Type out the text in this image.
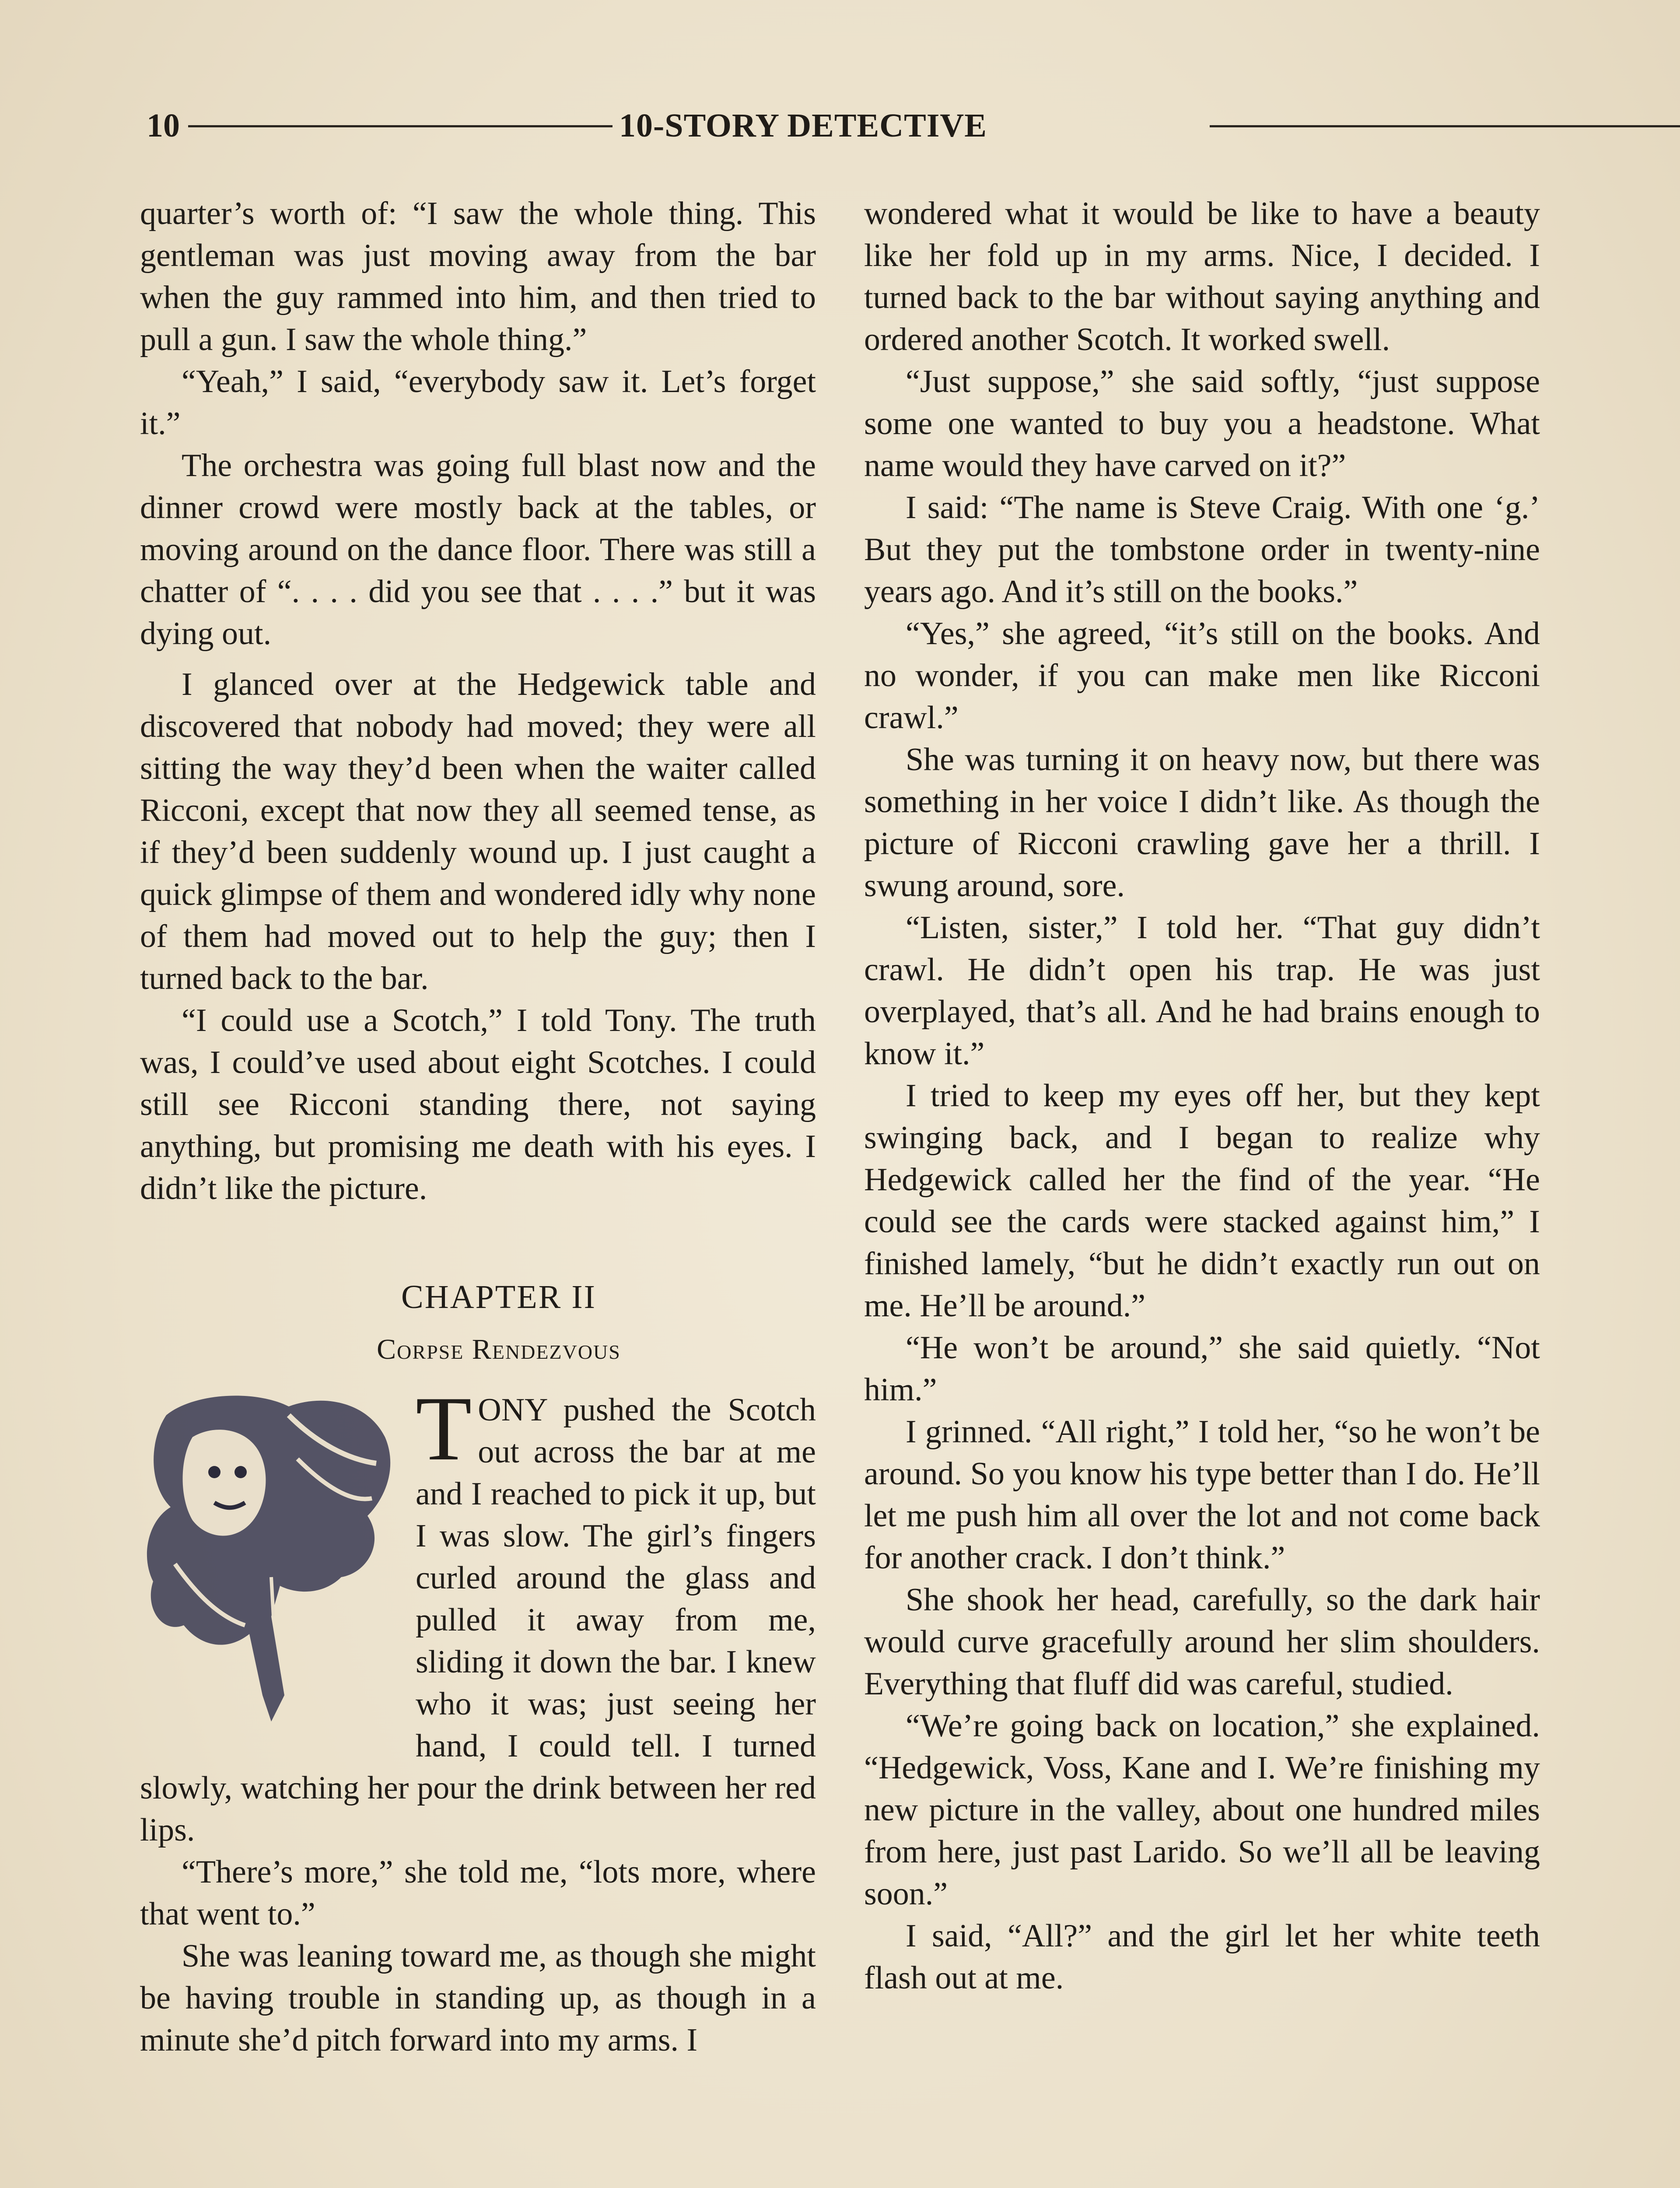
10	10-STORY DETECTIVE

quarter’s worth of: “I saw the whole thing. This gentleman was just moving away from the bar when the guy rammed into him, and then tried to pull a gun. I saw the whole thing.”

“Yeah,” I said, “everybody saw it. Let’s forget it.”

The orchestra was going full blast now and the dinner crowd were mostly back at the tables, or moving around on the dance floor. There was still a chatter of “. . . . did you see that . . . .” but it was dying out.

I glanced over at the Hedgewick table and discovered that nobody had moved; they were all sitting the way they’d been when the waiter called Ricconi, except that now they all seemed tense, as if they’d been suddenly wound up. I just caught a quick glimpse of them and wondered idly why none of them had moved out to help the guy; then I turned back to the bar.

“I could use a Scotch,” I told Tony. The truth was, I could’ve used about eight Scotches. I could still see Ricconi standing there, not saying anything, but promising me death with his eyes. I didn’t like the picture.

CHAPTER II

Corpse Rendezvous

TONY pushed the Scotch out across the bar at me and I reached to pick it up, but I was slow. The girl’s fingers curled around the glass and pulled it away from me, sliding it down the bar. I knew who it was; just seeing her hand, I could tell. I turned slowly, watching her pour the drink between her red lips.

“There’s more,” she told me, “lots more, where that went to.”

She was leaning toward me, as though she might be having trouble in standing up, as though in a minute she’d pitch forward into my arms. I

wondered what it would be like to have a beauty like her fold up in my arms. Nice, I decided. I turned back to the bar without saying anything and ordered another Scotch. It worked swell.

“Just suppose,” she said softly, “just suppose some one wanted to buy you a headstone. What name would they have carved on it?”

I said: “The name is Steve Craig. With one ‘g.’ But they put the tombstone order in twenty-nine years ago. And it’s still on the books.”

“Yes,” she agreed, “it’s still on the books. And no wonder, if you can make men like Ricconi crawl.”

She was turning it on heavy now, but there was something in her voice I didn’t like. As though the picture of Ricconi crawling gave her a thrill. I swung around, sore.

“Listen, sister,” I told her. “That guy didn’t crawl. He didn’t open his trap. He was just overplayed, that’s all. And he had brains enough to know it.”

I tried to keep my eyes off her, but they kept swinging back, and I began to realize why Hedgewick called her the find of the year. “He could see the cards were stacked against him,” I finished lamely, “but he didn’t exactly run out on me. He’ll be around.”

“He won’t be around,” she said quietly. “Not him.”

I grinned. “All right,” I told her, “so he won’t be around. So you know his type better than I do. He’ll let me push him all over the lot and not come back for another crack. I don’t think.”

She shook her head, carefully, so the dark hair would curve gracefully around her slim shoulders. Everything that fluff did was careful, studied.

“We’re going back on location,” she explained. “Hedgewick, Voss, Kane and I. We’re finishing my new picture in the valley, about one hundred miles from here, just past Larido. So we’ll all be leaving soon.”

I said, “All?” and the girl let her white teeth flash out at me.
